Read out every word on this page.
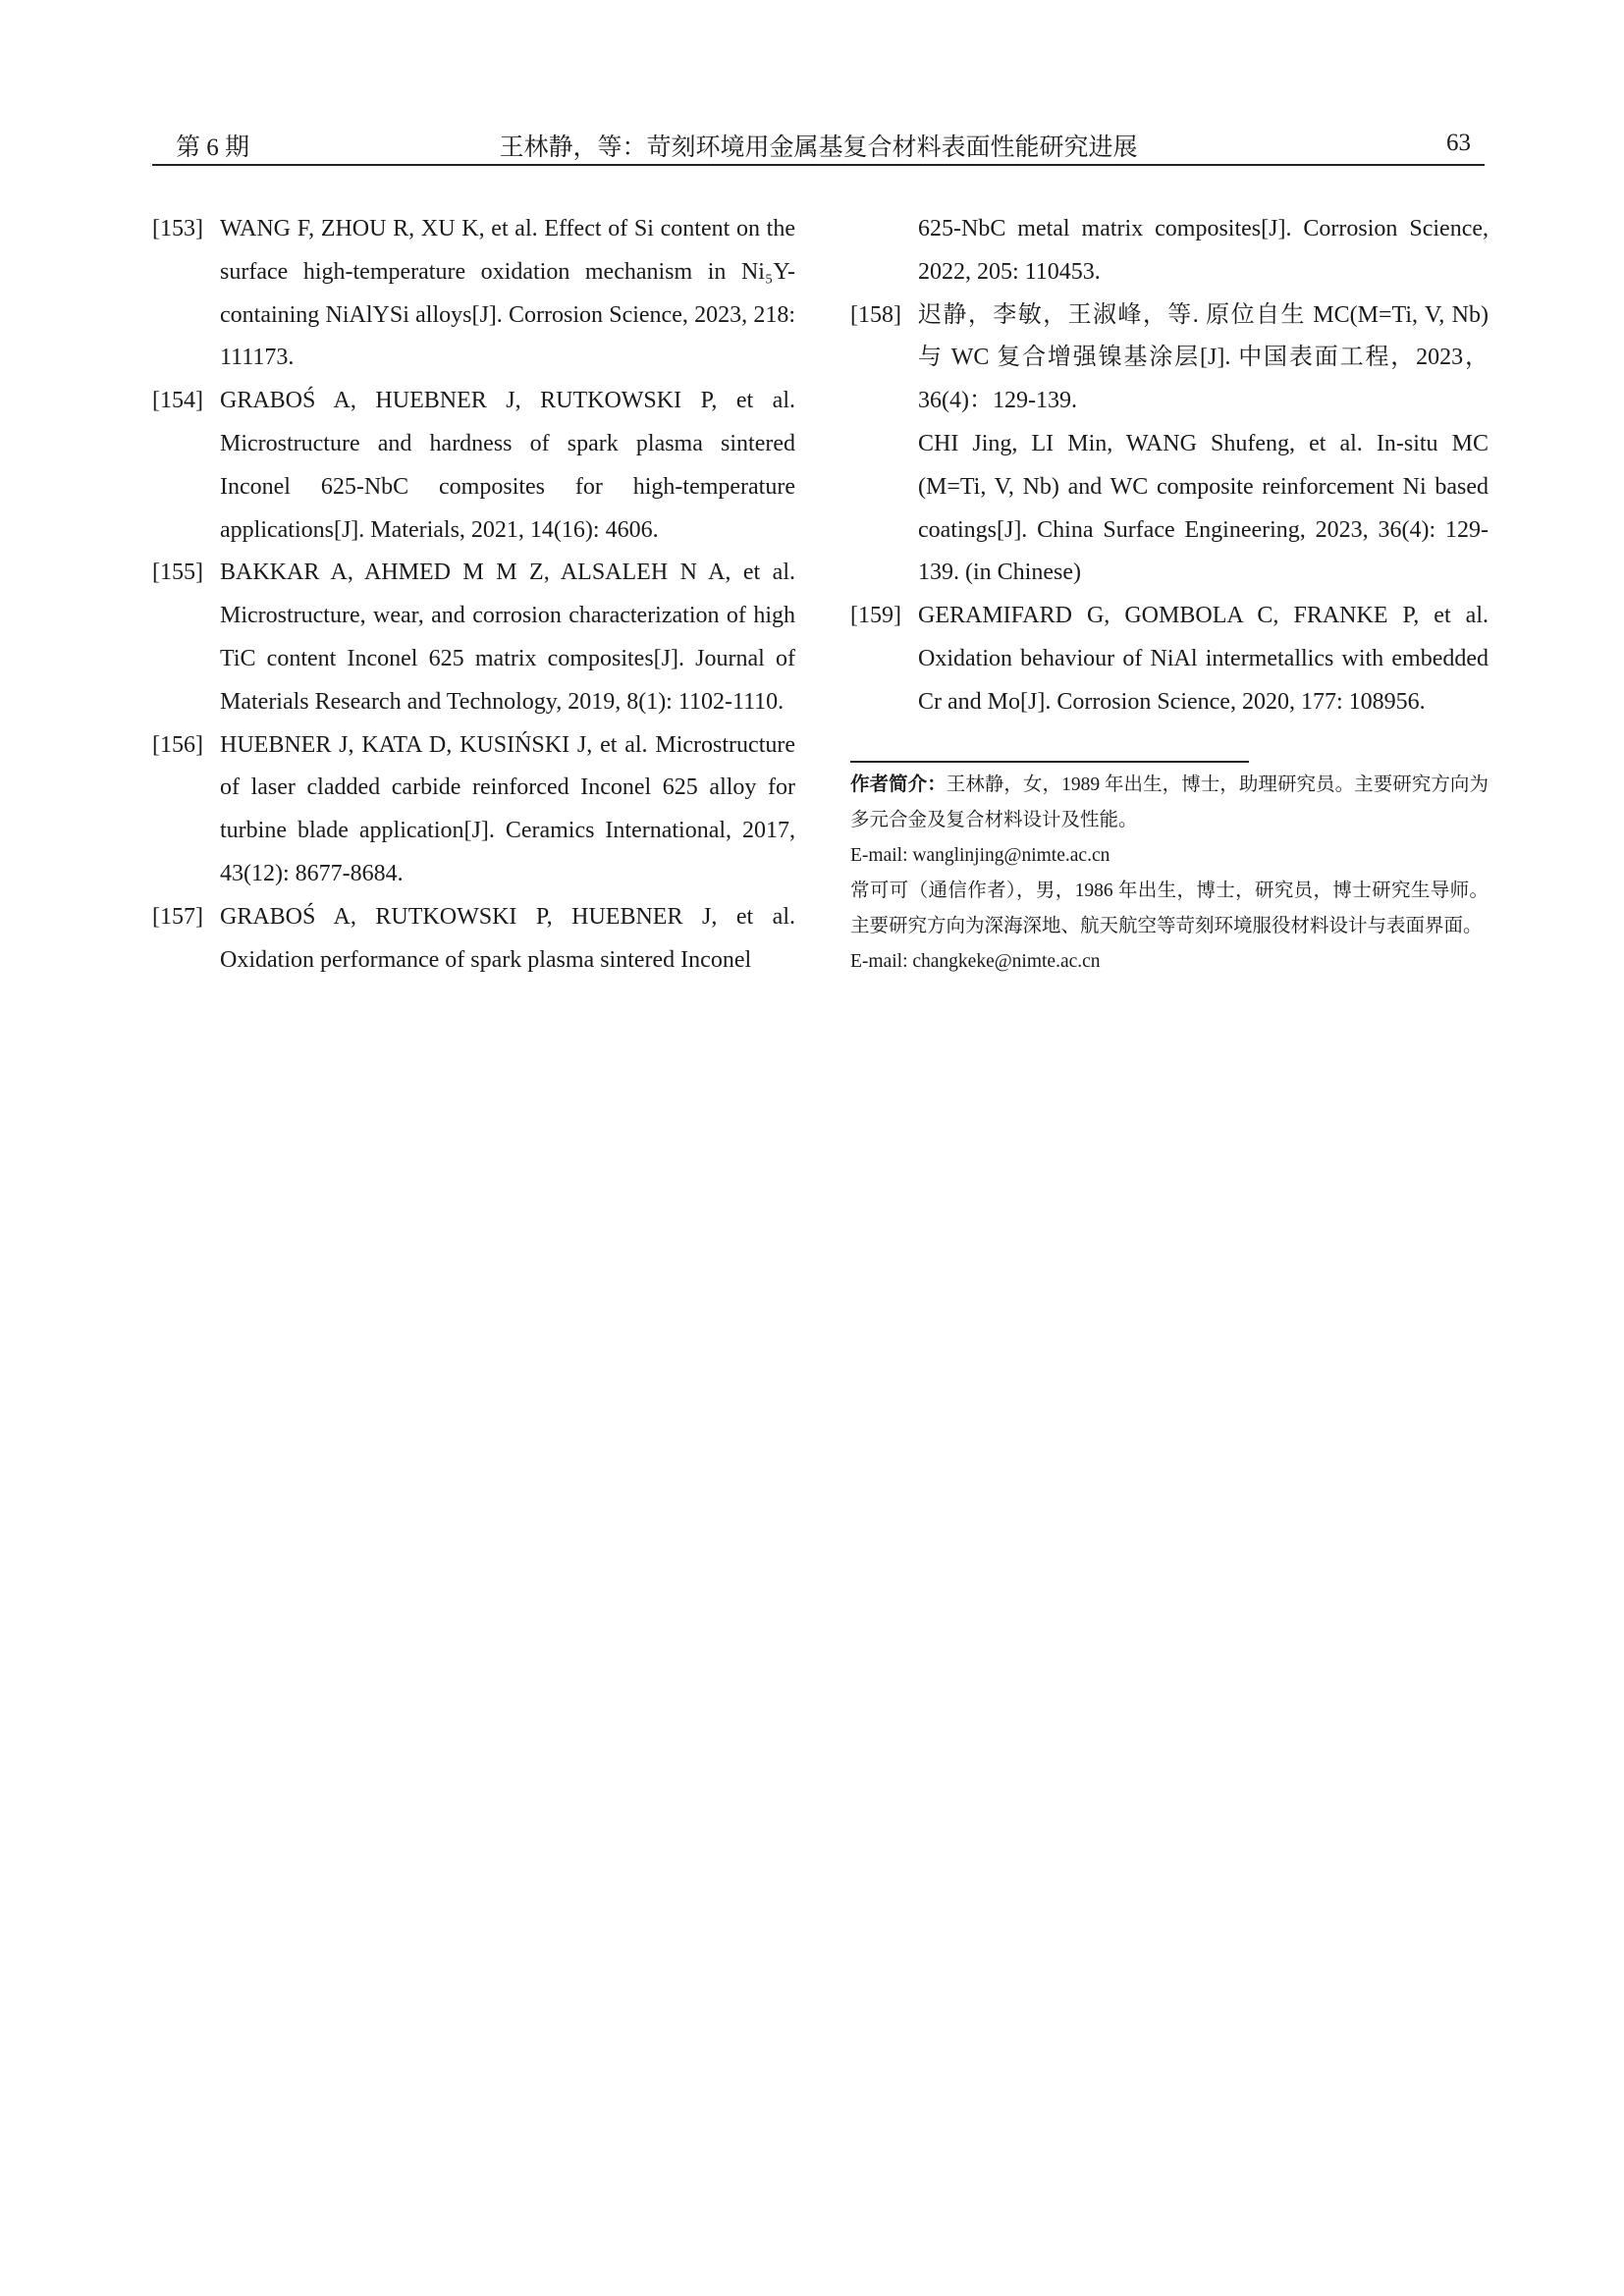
第 6 期	王林静，等：苛刻环境用金属基复合材料表面性能研究进展	63
[153] WANG F, ZHOU R, XU K, et al. Effect of Si content on the surface high-temperature oxidation mechanism in Ni₅Y-containing NiAlYSi alloys[J]. Corrosion Science, 2023, 218: 111173.
[154] GRABOŚ A, HUEBNER J, RUTKOWSKI P, et al. Microstructure and hardness of spark plasma sintered Inconel 625-NbC composites for high-temperature applications[J]. Materials, 2021, 14(16): 4606.
[155] BAKKAR A, AHMED M M Z, ALSALEH N A, et al. Microstructure, wear, and corrosion characterization of high TiC content Inconel 625 matrix composites[J]. Journal of Materials Research and Technology, 2019, 8(1): 1102-1110.
[156] HUEBNER J, KATA D, KUSIŃSKI J, et al. Microstructure of laser cladded carbide reinforced Inconel 625 alloy for turbine blade application[J]. Ceramics International, 2017, 43(12): 8677-8684.
[157] GRABOŚ A, RUTKOWSKI P, HUEBNER J, et al. Oxidation performance of spark plasma sintered Inconel
625-NbC metal matrix composites[J]. Corrosion Science, 2022, 205: 110453.
[158] 迟静，李敏，王淑峰，等. 原位自生 MC(M=Ti, V, Nb) 与 WC 复合增强镍基涂层[J]. 中国表面工程，2023，36(4)：129-139.
CHI Jing, LI Min, WANG Shufeng, et al. In-situ MC (M=Ti, V, Nb) and WC composite reinforcement Ni based coatings[J]. China Surface Engineering, 2023, 36(4): 129-139. (in Chinese)
[159] GERAMIFARD G, GOMBOLA C, FRANKE P, et al. Oxidation behaviour of NiAl intermetallics with embedded Cr and Mo[J]. Corrosion Science, 2020, 177: 108956.

作者简介：王林静，女，1989 年出生，博士，助理研究员。主要研究方向为多元合金及复合材料设计及性能。

E-mail: wanglinjing@nimte.ac.cn

常可可（通信作者），男，1986 年出生，博士，研究员，博士研究生导师。主要研究方向为深海深地、航天航空等苛刻环境服役材料设计与表面界面。

E-mail: changkeke@nimte.ac.cn
